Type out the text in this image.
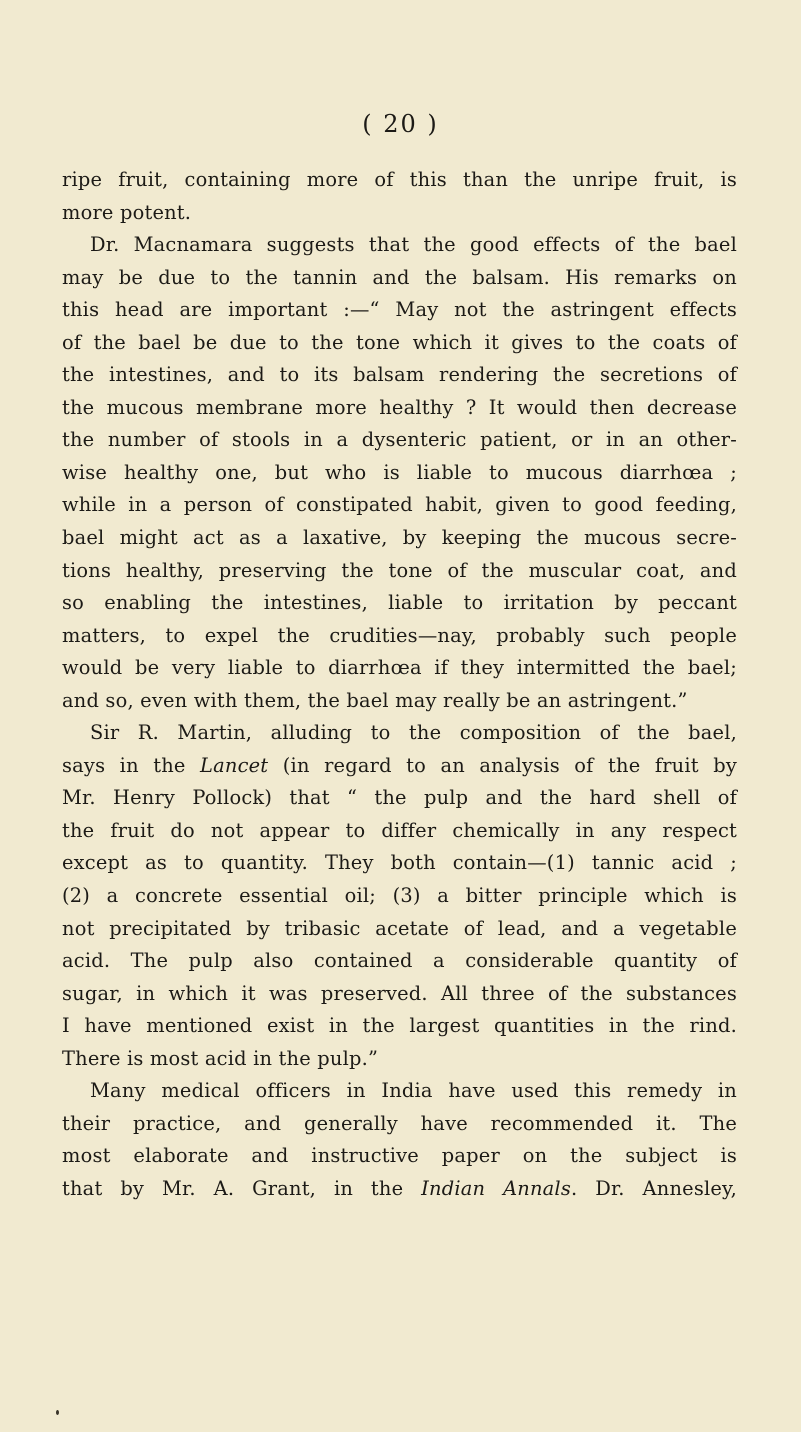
( 20 )
ripe fruit, containing more of this than the unripe fruit, is
more potent.
Dr. Macnamara suggests that the good effects of the bael
may be due to the tannin and the balsam. His remarks on
this head are important :—“ May not the astringent effects
of the bael be due to the tone which it gives to the coats of
the intestines, and to its balsam rendering the secretions of
the mucous membrane more healthy ? It would then decrease
the number of stools in a dysenteric patient, or in an other-
wise healthy one, but who is liable to mucous diarrhœa ;
while in a person of constipated habit, given to good feeding,
bael might act as a laxative, by keeping the mucous secre-
tions healthy, preserving the tone of the muscular coat, and
so enabling the intestines, liable to irritation by peccant
matters, to expel the crudities—nay, probably such people
would be very liable to diarrhœa if they intermitted the bael;
and so, even with them, the bael may really be an astringent.”
Sir R. Martin, alluding to the composition of the bael,
says in the Lancet (in regard to an analysis of the fruit by
Mr. Henry Pollock) that “ the pulp and the hard shell of
the fruit do not appear to differ chemically in any respect
except as to quantity. They both contain—(1) tannic acid ;
(2) a concrete essential oil; (3) a bitter principle which is
not precipitated by tribasic acetate of lead, and a vegetable
acid. The pulp also contained a considerable quantity of
sugar, in which it was preserved. All three of the substances
I have mentioned exist in the largest quantities in the rind.
There is most acid in the pulp.”
Many medical officers in India have used this remedy in
their practice, and generally have recommended it. The
most elaborate and instructive paper on the subject is
that by Mr. A. Grant, in the Indian Annals. Dr. Annesley,
